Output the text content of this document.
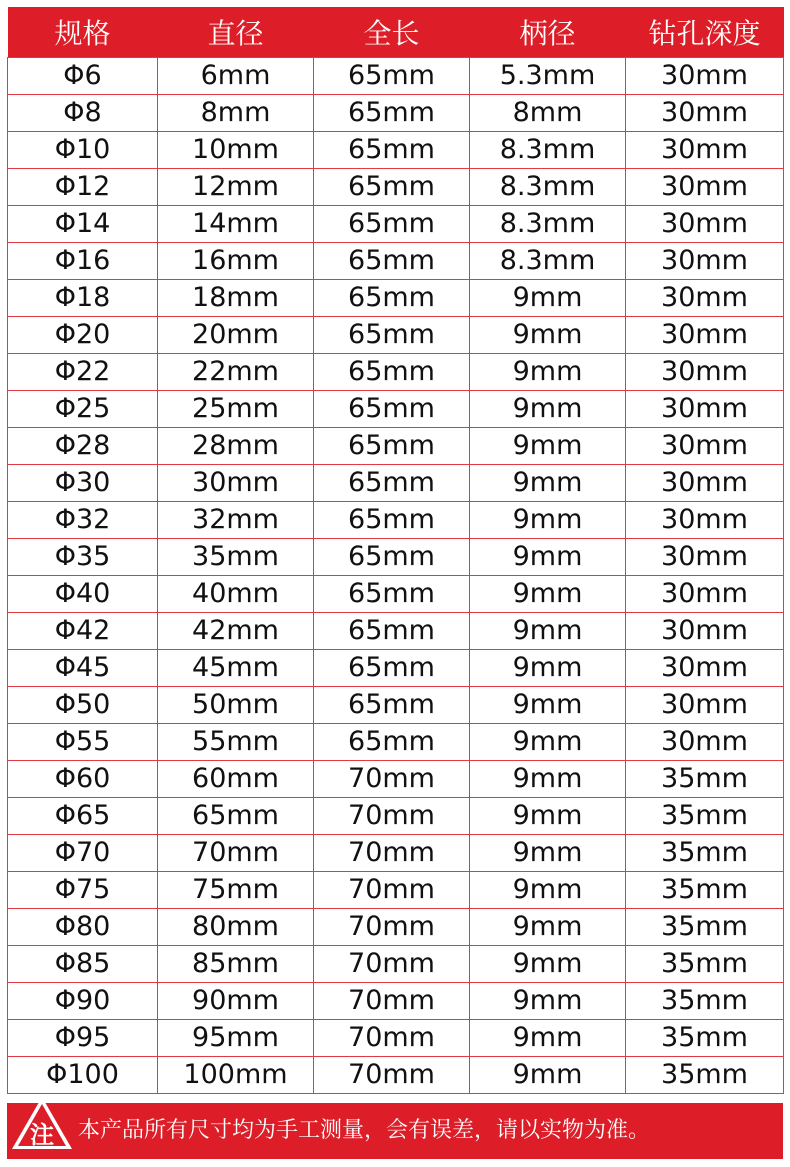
规格	直径	全长	柄径	钻孔深度
Φ6	6mm	65mm	5.3mm	30mm
Φ8	8mm	65mm	8mm	30mm
Φ10	10mm	65mm	8.3mm	30mm
Φ12	12mm	65mm	8.3mm	30mm
Φ14	14mm	65mm	8.3mm	30mm
Φ16	16mm	65mm	8.3mm	30mm
Φ18	18mm	65mm	9mm	30mm
Φ20	20mm	65mm	9mm	30mm
Φ22	22mm	65mm	9mm	30mm
Φ25	25mm	65mm	9mm	30mm
Φ28	28mm	65mm	9mm	30mm
Φ30	30mm	65mm	9mm	30mm
Φ32	32mm	65mm	9mm	30mm
Φ35	35mm	65mm	9mm	30mm
Φ40	40mm	65mm	9mm	30mm
Φ42	42mm	65mm	9mm	30mm
Φ45	45mm	65mm	9mm	30mm
Φ50	50mm	65mm	9mm	30mm
Φ55	55mm	65mm	9mm	30mm
Φ60	60mm	70mm	9mm	35mm
Φ65	65mm	70mm	9mm	35mm
Φ70	70mm	70mm	9mm	35mm
Φ75	75mm	70mm	9mm	35mm
Φ80	80mm	70mm	9mm	35mm
Φ85	85mm	70mm	9mm	35mm
Φ90	90mm	70mm	9mm	35mm
Φ95	95mm	70mm	9mm	35mm
Φ100	100mm	70mm	9mm	35mm
注 本产品所有尺寸均为手工测量，会有误差，请以实物为准。
